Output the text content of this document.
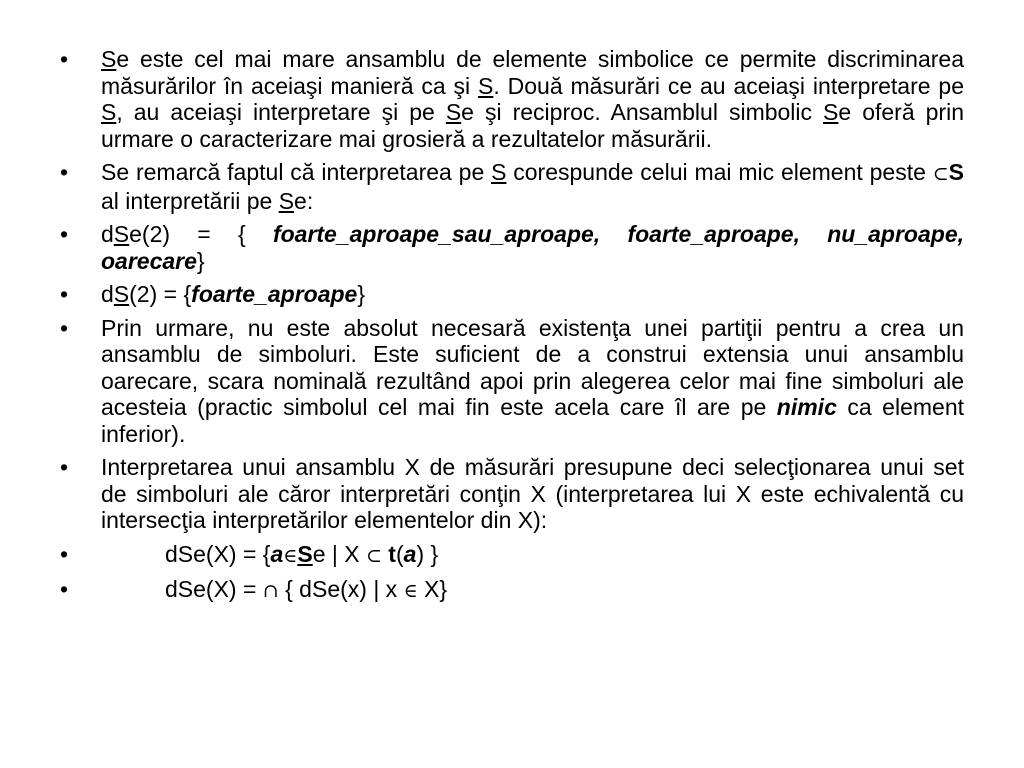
•	Se este cel mai mare ansamblu de elemente simbolice ce permite discriminarea măsurărilor în aceiaşi manieră ca şi S. Două măsurări ce au aceiaşi interpretare pe S, au aceiaşi interpretare şi pe Se şi reciproc. Ansamblul simbolic Se oferă prin urmare o caracterizare mai grosieră a rezultatelor măsurării.
•	Se remarcă faptul că interpretarea pe S corespunde celui mai mic element peste ⊂S al interpretării pe Se:
•	dSe(2) = { foarte_aproape_sau_aproape, foarte_aproape, nu_aproape, oarecare}
•	dS(2) = {foarte_aproape}
•	Prin urmare, nu este absolut necesară existenţa unei partiţii pentru a crea un ansamblu de simboluri. Este suficient de a construi extensia unui ansamblu oarecare, scara nominală rezultând apoi prin alegerea celor mai fine simboluri ale acesteia (practic simbolul cel mai fin este acela care îl are pe nimic ca element inferior).
•	Interpretarea unui ansamblu X de măsurări presupune deci selecţionarea unui set de simboluri ale căror interpretări conţin X (interpretarea lui X este echivalentă cu intersecţia interpretărilor elementelor din X):
•	dSe(X) = {a∈Se | X ⊂ t(a) }
•	dSe(X) = ∩ { dSe(x) | x ∈ X}
